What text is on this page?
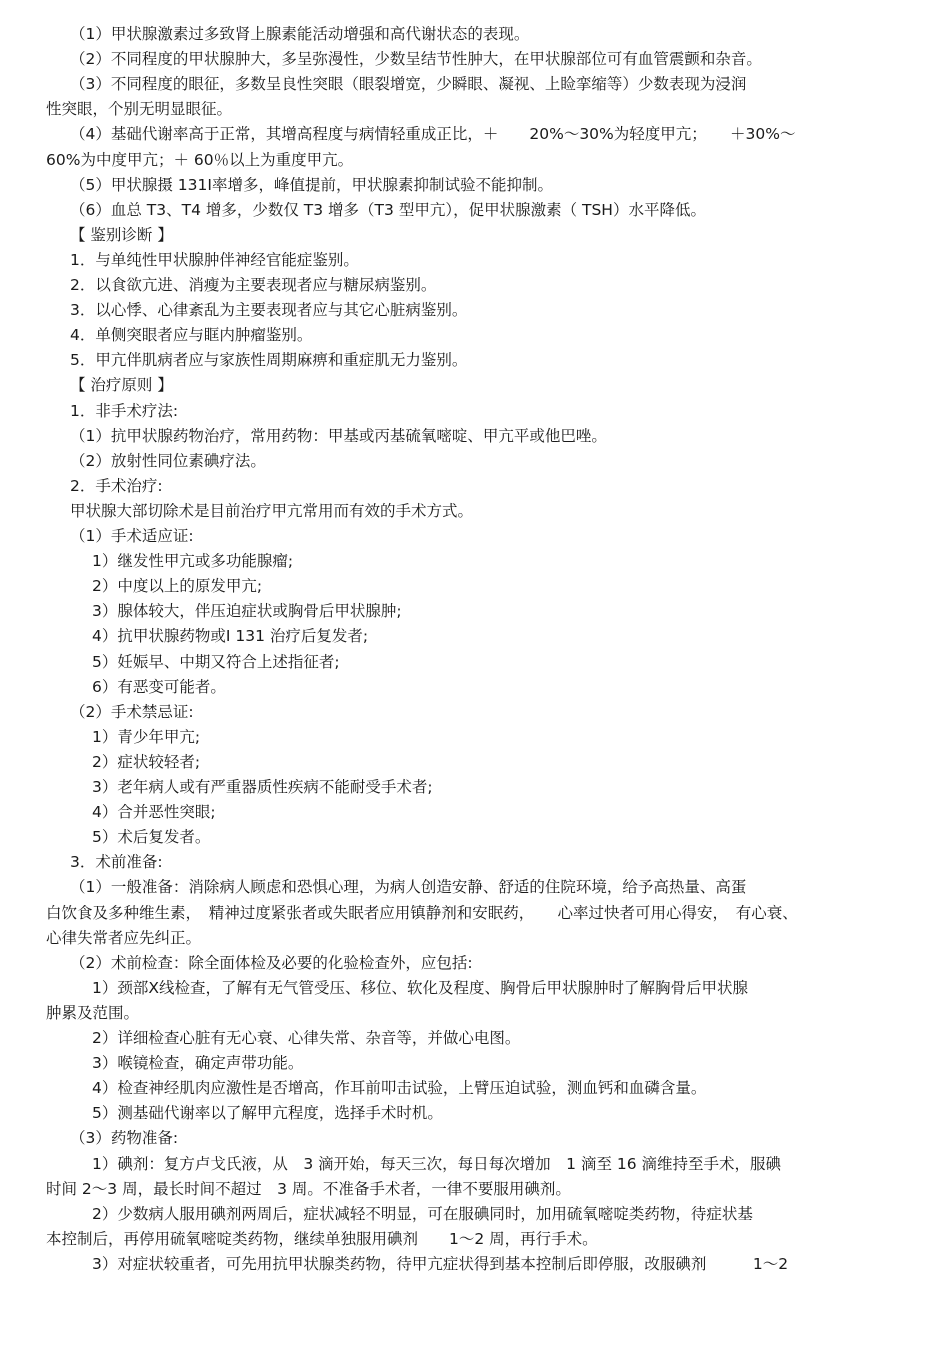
（1）甲状腺激素过多致肾上腺素能活动增强和高代谢状态的表现。
（2）不同程度的甲状腺肿大，多呈弥漫性，少数呈结节性肿大，在甲状腺部位可有血管震颤和杂音。
（3）不同程度的眼征，多数呈良性突眼（眼裂增宽，少瞬眼、凝视、上睑挛缩等）少数表现为浸润
性突眼，个别无明显眼征。
（4）基础代谢率高于正常，其增高程度与病情轻重成正比，＋　　20%～30%为轻度甲亢；　　＋30%～
60%为中度甲亢；＋ 60％以上为重度甲亢。
（5）甲状腺摄 131Ⅰ率增多，峰值提前，甲状腺素抑制试验不能抑制。
（6）血总 T3、T4 增多，少数仅 T3 增多（T3 型甲亢），促甲状腺激素（ TSH）水平降低。
【 鉴别诊断 】
1．与单纯性甲状腺肿伴神经官能症鉴别。
2．以食欲亢进、消瘦为主要表现者应与糖尿病鉴别。
3．以心悸、心律紊乱为主要表现者应与其它心脏病鉴别。
4．单侧突眼者应与眶内肿瘤鉴别。
5．甲亢伴肌病者应与家族性周期麻痹和重症肌无力鉴别。
【 治疗原则 】
1．非手术疗法:
（1）抗甲状腺药物治疗，常用药物：甲基或丙基硫氧嘧啶、甲亢平或他巴唑。
（2）放射性同位素碘疗法。
2．手术治疗:
甲状腺大部切除术是目前治疗甲亢常用而有效的手术方式。
（1）手术适应证:
1）继发性甲亢或多功能腺瘤;
2）中度以上的原发甲亢;
3）腺体较大，伴压迫症状或胸骨后甲状腺肿;
4）抗甲状腺药物或Ⅰ 131 治疗后复发者;
5）妊娠早、中期又符合上述指征者;
6）有恶变可能者。
（2）手术禁忌证:
1）青少年甲亢;
2）症状较轻者;
3）老年病人或有严重器质性疾病不能耐受手术者;
4）合并恶性突眼;
5）术后复发者。
3．术前准备:
（1）一般准备：消除病人顾虑和恐惧心理，为病人创造安静、舒适的住院环境，给予高热量、高蛋
白饮食及多种维生素，　精神过度紧张者或失眠者应用镇静剂和安眠药，　　心率过快者可用心得安，　有心衰、
心律失常者应先纠正。
（2）术前检查：除全面体检及必要的化验检查外，应包括:
1）颈部X线检查，了解有无气管受压、移位、软化及程度、胸骨后甲状腺肿时了解胸骨后甲状腺
肿累及范围。
2）详细检查心脏有无心衰、心律失常、杂音等，并做心电图。
3）喉镜检查，确定声带功能。
4）检查神经肌肉应激性是否增高，作耳前叩击试验，上臂压迫试验，测血钙和血磷含量。
5）测基础代谢率以了解甲亢程度，选择手术时机。
（3）药物准备:
1）碘剂：复方卢戈氏液，从　3 滴开始，每天三次，每日每次增加　1 滴至 16 滴维持至手术，服碘
时间 2～3 周，最长时间不超过　3 周。不准备手术者，一律不要服用碘剂。
2）少数病人服用碘剂两周后，症状减轻不明显，可在服碘同时，加用硫氧嘧啶类药物，待症状基
本控制后，再停用硫氧嘧啶类药物，继续单独服用碘剂　　1～2 周，再行手术。
3）对症状较重者，可先用抗甲状腺类药物，待甲亢症状得到基本控制后即停服，改服碘剂　　　1～2
